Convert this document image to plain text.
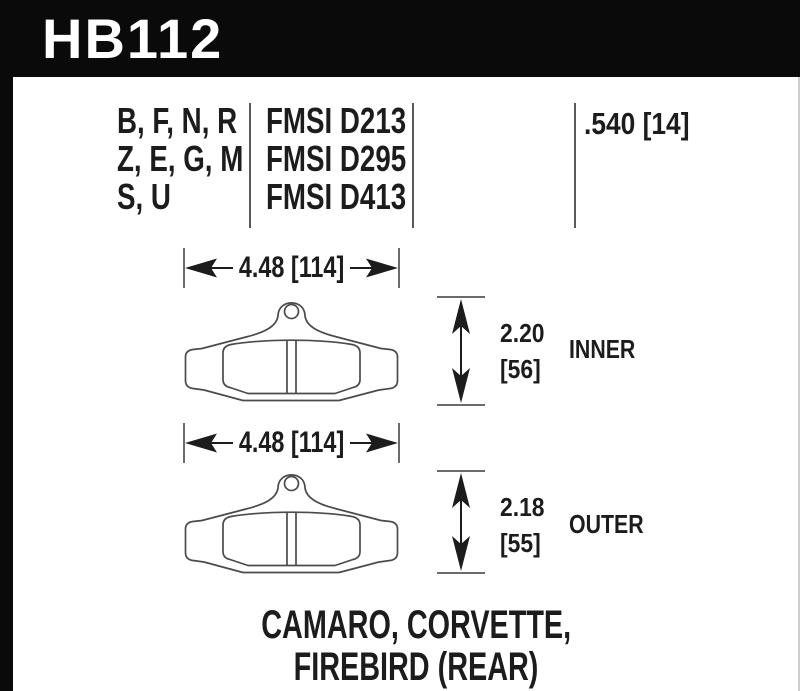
HB112
B, F, N, R
Z, E, G, M
S, U
FMSI D213
FMSI D295
FMSI D413
.540 [14]
4.48 [114]
2.20
[56]
INNER
4.48 [114]
2.18
[55]
OUTER
CAMARO, CORVETTE,
FIREBIRD (REAR)
